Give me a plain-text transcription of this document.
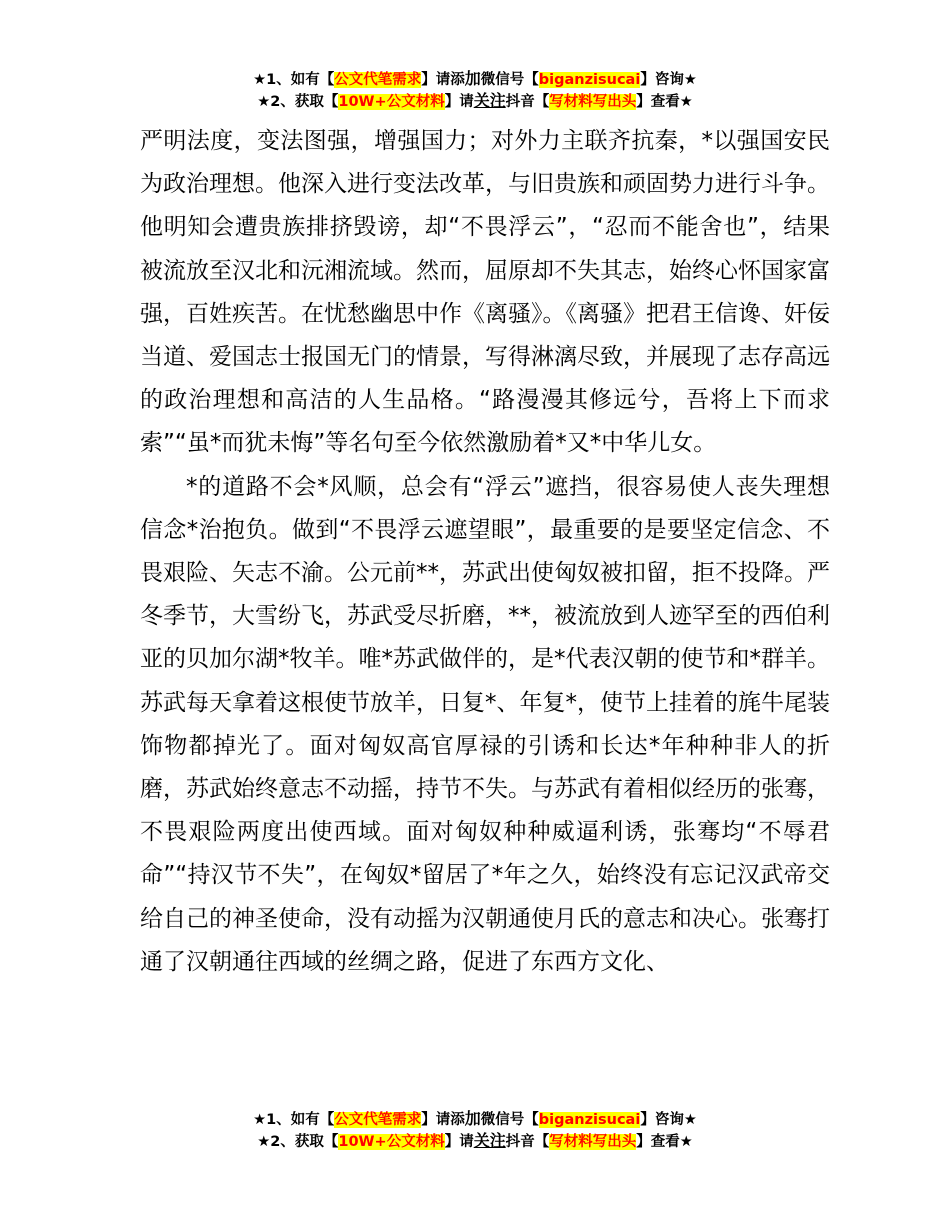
★1、如有【公文代笔需求】请添加微信号【biganzisucai】咨询★
★2、获取【10W+公文材料】请关注抖音【写材料写出头】查看★

严明法度，变法图强，增强国力；对外力主联齐抗秦，*以强国安民为政治理想。他深入进行变法改革，与旧贵族和顽固势力进行斗争。他明知会遭贵族排挤毁谤，却“不畏浮云”，“忍而不能舍也”，结果被流放至汉北和沅湘流域。然而，屈原却不失其志，始终心怀国家富强，百姓疾苦。在忧愁幽思中作《离骚》。《离骚》把君王信谗、奸佞当道、爱国志士报国无门的情景，写得淋漓尽致，并展现了志存高远的政治理想和高洁的人生品格。“路漫漫其修远兮，吾将上下而求索”“虽*而犹未悔”等名句至今依然激励着*又*中华儿女。

*的道路不会*风顺，总会有“浮云”遮挡，很容易使人丧失理想信念*治抱负。做到“不畏浮云遮望眼”，最重要的是要坚定信念、不畏艰险、矢志不渝。公元前**，苏武出使匈奴被扣留，拒不投降。严冬季节，大雪纷飞，苏武受尽折磨，**，被流放到人迹罕至的西伯利亚的贝加尔湖*牧羊。唯*苏武做伴的，是*代表汉朝的使节和*群羊。苏武每天拿着这根使节放羊，日复*、年复*，使节上挂着的旄牛尾装饰物都掉光了。面对匈奴高官厚禄的引诱和长达*年种种非人的折磨，苏武始终意志不动摇，持节不失。与苏武有着相似经历的张骞，不畏艰险两度出使西域。面对匈奴种种威逼利诱，张骞均“不辱君命”“持汉节不失”，在匈奴*留居了*年之久，始终没有忘记汉武帝交给自己的神圣使命，没有动摇为汉朝通使月氏的意志和决心。张骞打通了汉朝通往西域的丝绸之路，促进了东西方文化、

★1、如有【公文代笔需求】请添加微信号【biganzisucai】咨询★
★2、获取【10W+公文材料】请关注抖音【写材料写出头】查看★
